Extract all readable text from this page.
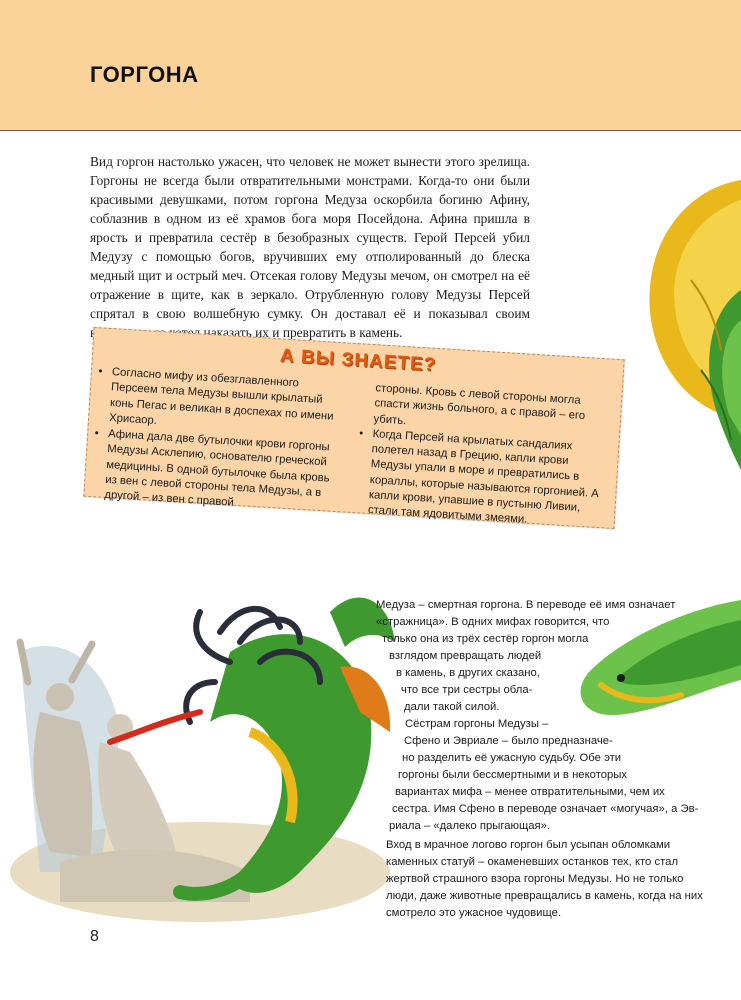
ГОРГОНА

Вид горгон настолько ужасен, что человек не может вынести этого зрелища. Горгоны не всегда были отвратительными монстрами. Когда-то они были красивыми девушками, потом горгона Медуза оскорбила богиню Афину, соблазнив в одном из её храмов бога моря Посейдона. Афина пришла в ярость и превратила сестёр в безобразных существ. Герой Персей убил Медузу с помощью богов, вручивших ему отполированный до блеска медный щит и острый меч. Отсекая голову Медузы мечом, он смотрел на её отражение в щите, как в зеркало. Отрубленную голову Медузы Персей спрятал в свою волшебную сумку. Он доставал её и показывал своим врагам, когда хотел наказать их и превратить в камень.

А ВЫ ЗНАЕТЕ?
• Согласно мифу из обезглавленного Персеем тела Медузы вышли крылатый конь Пегас и великан в доспехах по имени Хрисаор.
• Афина дала две бутылочки крови горгоны Медузы Асклепию, основателю греческой медицины. В одной бутылочке была кровь из вен с левой стороны тела Медузы, а в другой – из вен с правой

стороны. Кровь с левой стороны могла спасти жизнь больного, а с правой – его убить.

• Когда Персей на крылатых сандалиях полетел назад в Грецию, капли крови Медузы упали в море и превратились в кораллы, которые называются горгонией. А капли крови, упавшие в пустыню Ливии, стали там ядовитыми змеями.
Медуза – смертная горгона. В переводе её имя означает
«стражница». В одних мифах говорится, что
только она из трёх сестёр горгон могла
взглядом превращать людей
в камень, в других сказано,
что все три сестры обла-
дали такой силой.
Сёстрам горгоны Медузы –
Сфено и Эвриале – было предназначе-
но разделить её ужасную судьбу. Обе эти
горгоны были бессмертными и в некоторых
вариантах мифа – менее отвратительными, чем их
сестра. Имя Сфено в переводе означает «могучая», а Эв-
риала – «далеко прыгающая».
Вход в мрачное логово горгон был усыпан обломками
каменных статуй – окаменевших останков тех, кто стал
жертвой страшного взора горгоны Медузы. Но не только
люди, даже животные превращались в камень, когда на них
смотрело это ужасное чудовище.
8
